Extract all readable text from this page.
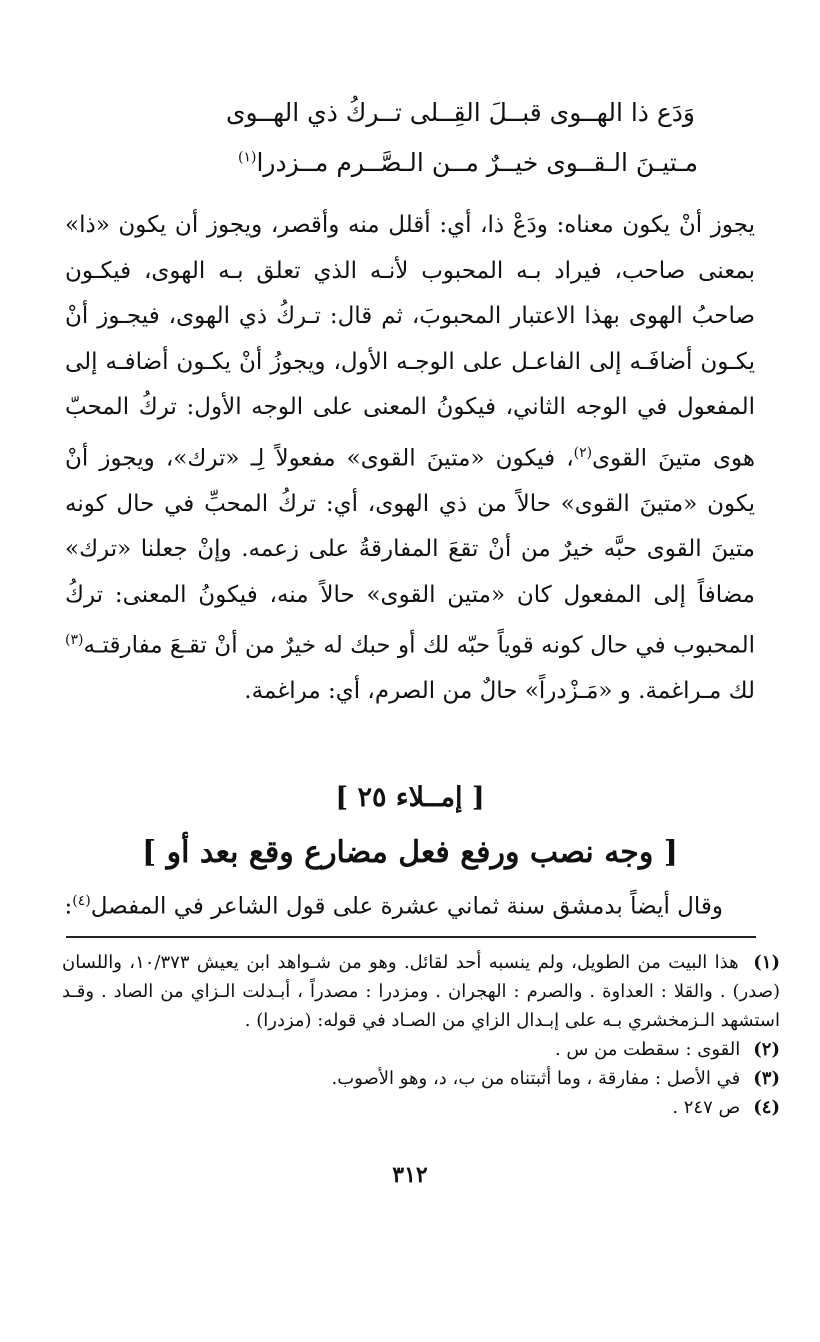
وَدَع ذا الهــوى قبــلَ القِــلى تــركُ ذي الهــوى
مـتيـنَ الـقــوى خيــرٌ مــن الـصَّــرم مــزدرا$^{(١)}$

يجوز أنْ يكون معناه: ودَعْ ذا، أي: أقلل منه وأقصر، ويجوز أن يكون «ذا» بمعنى صاحب، فيراد بـه المحبوب لأنـه الذي تعلق بـه الهوى، فيكـون صاحبُ الهوى بهذا الاعتبار المحبوبَ، ثم قال: تـركُ ذي الهوى، فيجـوز أنْ يكـون أضافَـه إلى الفاعـل على الوجـه الأول، ويجوزُ أنْ يكـون أضافـه إلى المفعول في الوجه الثاني، فيكونُ المعنى على الوجه الأول: تركُ المحبّ هوى متينَ القوى$^{(٢)}$، فيكون «متينَ القوى» مفعولاً لِـ «ترك»، ويجوز أنْ يكون «متينَ القوى» حالاً من ذي الهوى، أي: تركُ المحبِّ في حال كونه متينَ القوى حبَّه خيرٌ من أنْ تقعَ المفارقةُ على زعمه. وإنْ جعلنا «ترك» مضافاً إلى المفعول كان «متين القوى» حالاً منه، فيكونُ المعنى: تركُ المحبوب في حال كونه قوياً حبّه لك أو حبك له خيرٌ من أنْ تقـعَ مفارقتـه$^{(٣)}$ لك مـراغمة. و «مَـزْدراً» حالٌ من الصرم، أي: مراغمة.

[ إمــلاء ٢٥ ]
[ وجه نصب ورفع فعل مضارع وقع بعد أو ]
وقال أيضاً بدمشق سنة ثماني عشرة على قول الشاعر في المفصل$^{(٤)}$:

(١) هذا البيت من الطويل، ولم ينسبه أحد لقائل. وهو من شـواهد ابن يعيش ١٠/٣٧٣، واللسان (صدر) . والقلا : العداوة . والصرم : الهجران . ومزدرا : مصدراً ، أبـدلت الـزاي من الصاد . وقـد استشهد الـزمخشري بـه على إبـدال الزاي من الصـاد في قوله: (مزدرا) .

(٢) القوى : سقطت من س .

(٣) في الأصل : مفارقة ، وما أثبتناه من ب، د، وهو الأصوب.

(٤) ص ٢٤٧ .

٣١٢
